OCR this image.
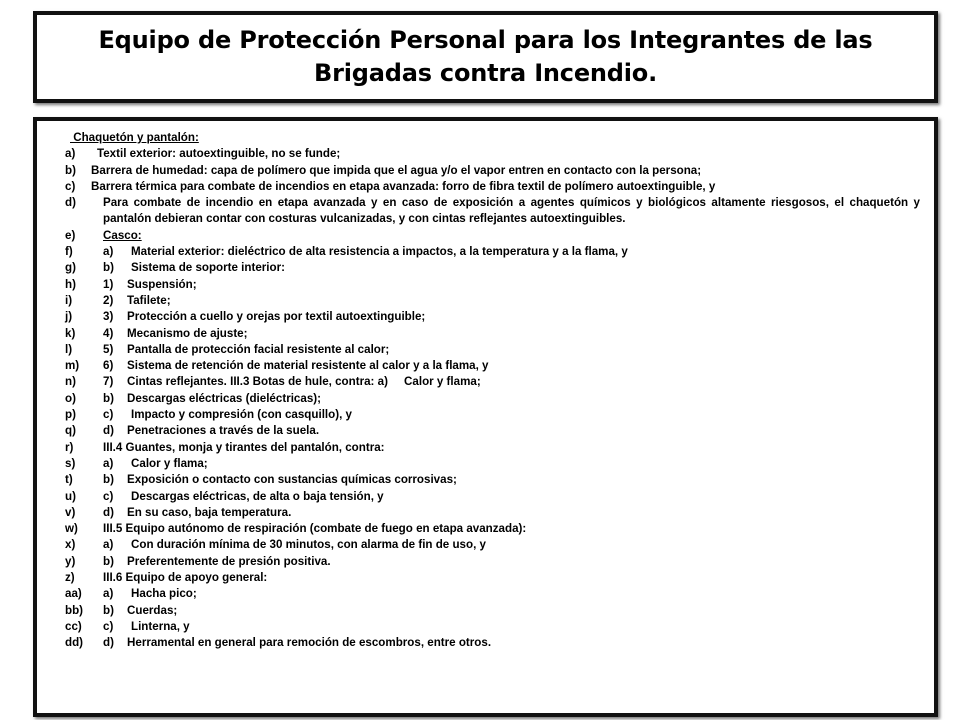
Equipo de Protección Personal para los Integrantes de las Brigadas contra Incendio.
Chaquetón y pantalón:
a)	Textil exterior: autoextinguible, no se funde;
b)	Barrera de humedad: capa de polímero que impida que el agua y/o el vapor entren en contacto con la persona;
c)	Barrera térmica para combate de incendios en etapa avanzada: forro de fibra textil de polímero autoextinguible, y
d)	Para combate de incendio en etapa avanzada y en caso de exposición a agentes químicos y biológicos altamente riesgosos, el chaquetón y pantalón debieran contar con costuras vulcanizadas, y con cintas reflejantes autoextinguibles.
e)	Casco:
f)	a)	Material exterior: dieléctrico de alta resistencia a impactos, a la temperatura y a la flama, y
g)	b)	Sistema de soporte interior:
h)	1)	Suspensión;
i)	2)	Tafilete;
j)	3)	Protección a cuello y orejas por textil autoextinguible;
k)	4)	Mecanismo de ajuste;
l)	5)	Pantalla de protección facial resistente al calor;
m)	6)	Sistema de retención de material resistente al calor y a la flama, y
n)	7)	Cintas reflejantes. III.3 Botas de hule, contra: a)     Calor y flama;
o)	b)	Descargas eléctricas (dieléctricas);
p)	c)	Impacto y compresión (con casquillo), y
q)	d)	Penetraciones a través de la suela.
r)	III.4 Guantes, monja y tirantes del pantalón, contra:
s)	a)	Calor y flama;
t)	b)	Exposición o contacto con sustancias químicas corrosivas;
u)	c)	Descargas eléctricas, de alta o baja tensión, y
v)	d)	En su caso, baja temperatura.
w)	III.5 Equipo autónomo de respiración (combate de fuego en etapa avanzada):
x)	a)	Con duración mínima de 30 minutos, con alarma de fin de uso, y
y)	b)	Preferentemente de presión positiva.
z)	III.6 Equipo de apoyo general:
aa)	a)	Hacha pico;
bb)	b)	Cuerdas;
cc)	c)	Linterna, y
dd)	d)	Herramental en general para remoción de escombros, entre otros.
